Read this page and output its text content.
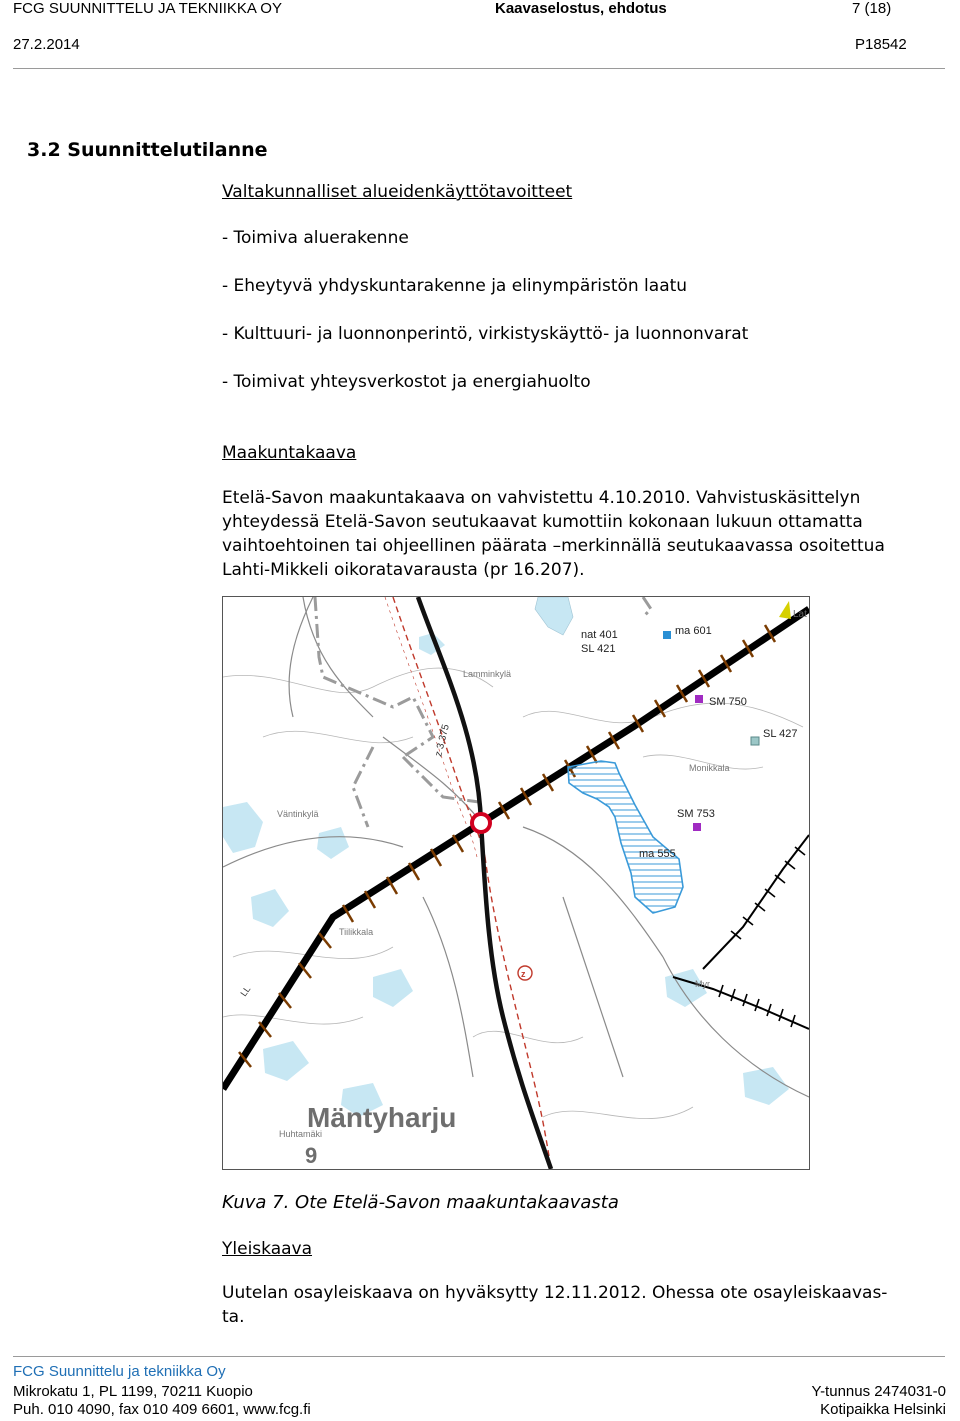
FCG SUUNNITTELU JA TEKNIIKKA OY	Kaavaselostus, ehdotus	7 (18)
27.2.2014	P18542
3.2 Suunnittelutilanne
Valtakunnalliset alueidenkäyttötavoitteet
- Toimiva aluerakenne
- Eheytyvä yhdyskuntarakenne ja elinympäristön laatu
- Kulttuuri- ja luonnonperintö, virkistyskäyttö- ja luonnonvarat
- Toimivat yhteysverkostot ja energiahuolto
Maakuntakaava

Etelä-Savon maakuntakaava on vahvistettu 4.10.2010. Vahvistuskäsittelyn

yhteydessä Etelä-Savon seutukaavat kumottiin kokonaan lukuun ottamatta

vaihtoehtoinen tai ohjeellinen päärata –merkinnällä seutukaavassa osoitettua

Lahti-Mikkeli oikoratavarausta (pr 16.207).

Lat
nat 401
SL 421
ma 601
Lamminkylä
SM 750
SL 427
z 3.375
Monikkala
Väntinkylä	SM 753
ma 555
Tiilikkala
z
Myr
LL
Mäntyharju
9
Huhtamäki
Kuva 7. Ote Etelä-Savon maakuntakaavasta
Yleiskaava

Uutelan osayleiskaava on hyväksytty 12.11.2012. Ohessa ote osayleiskaavas-

ta.

FCG Suunnittelu ja tekniikka Oy
Mikrokatu 1, PL 1199, 70211 Kuopio
Puh. 010 4090, fax 010 409 6601, www.fcg.fi
Y-tunnus 2474031-0
Kotipaikka Helsinki
